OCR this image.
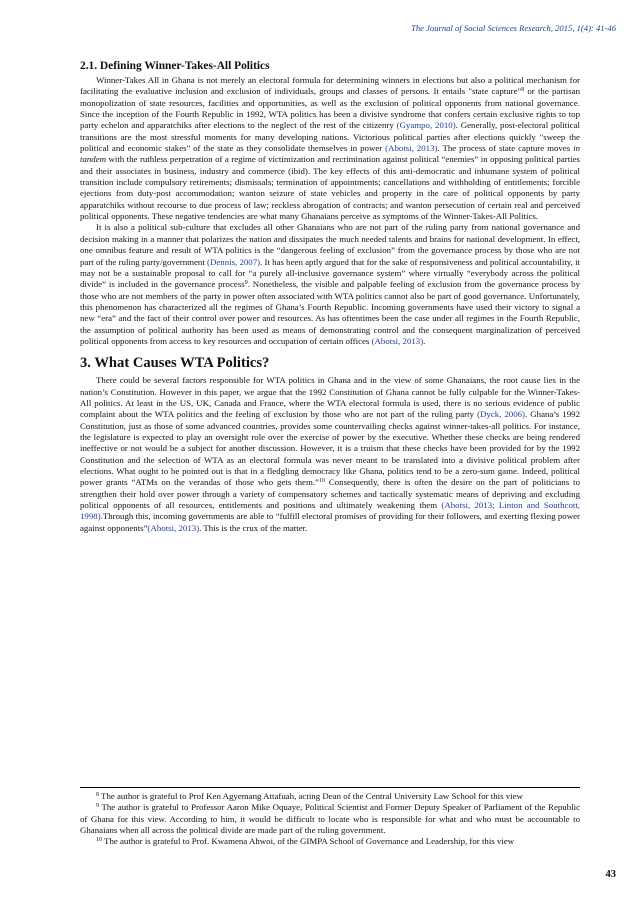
The Journal of Social Sciences Research, 2015, 1(4): 41-46
2.1. Defining Winner-Takes-All Politics

Winner-Takes All in Ghana is not merely an electoral formula for determining winners in elections but also a political mechanism for facilitating the evaluative inclusion and exclusion of individuals, groups and classes of persons. It entails "state capture"$^8$ or the partisan monopolization of state resources, facilities and opportunities, as well as the exclusion of political opponents from national governance. Since the inception of the Fourth Republic in 1992, WTA politics has been a divisive syndrome that confers certain exclusive rights to top party echelon and apparatchiks after elections to the neglect of the rest of the citizenry (Gyampo, 2010). Generally, post-electoral political transitions are the most stressful moments for many developing nations. Victorious political parties after elections quickly "sweep the political and economic stakes" of the state as they consolidate themselves in power (Abotsi, 2013). The process of state capture moves in tandem with the ruthless perpetration of a regime of victimization and recrimination against political “enemies” in opposing political parties and their associates in business, industry and commerce (ibid). The key effects of this anti-democratic and inhumane system of political transition include compulsory retirements; dismissals; termination of appointments; cancellations and withholding of entitlements; forcible ejections from duty-post accommodation; wanton seizure of state vehicles and property in the care of political opponents by party apparatchiks without recourse to due process of law; reckless abrogation of contracts; and wanton persecution of certain real and perceived political opponents. These negative tendencies are what many Ghanaians perceive as symptoms of the Winner-Takes-All Politics.

It is also a political sub-culture that excludes all other Ghanaians who are not part of the ruling party from national governance and decision making in a manner that polarizes the nation and dissipates the much needed talents and brains for national development. In effect, one omnibus feature and result of WTA politics is the “dangerous feeling of exclusion” from the governance process by those who are not part of the ruling party/government (Dennis, 2007). It has been aptly argued that for the sake of responsiveness and political accountability, it may not be a sustainable proposal to call for “a purely all-inclusive governance system” where virtually “everybody across the political divide” is included in the governance process$^9$. Nonetheless, the visible and palpable feeling of exclusion from the governance process by those who are not members of the party in power often associated with WTA politics cannot also be part of good governance. Unfortunately, this phenomenon has characterized all the regimes of Ghana’s Fourth Republic. Incoming governments have used their victory to signal a new “era” and the fact of their control over power and resources. As has oftentimes been the case under all regimes in the Fourth Republic, the assumption of political authority has been used as means of demonstrating control and the consequent marginalization of perceived political opponents from access to key resources and occupation of certain offices (Abotsi, 2013).

3. What Causes WTA Politics?

There could be several factors responsible for WTA politics in Ghana and in the view of some Ghanaians, the root cause lies in the nation’s Constitution. However in this paper, we argue that the 1992 Constitution of Ghana cannot be fully culpable for the Winner-Takes-All politics. At least in the US, UK, Canada and France, where the WTA electoral formula is used, there is no serious evidence of public complaint about the WTA politics and the feeling of exclusion by those who are not part of the ruling party (Dyck, 2006). Ghana’s 1992 Constitution, just as those of some advanced countries, provides some countervailing checks against winner-takes-all politics. For instance, the legislature is expected to play an oversight role over the exercise of power by the executive. Whether these checks are being rendered ineffective or not would be a subject for another discussion. However, it is a truism that these checks have been provided for by the 1992 Constitution and the selection of WTA as an electoral formula was never meant to be translated into a divisive political problem after elections. What ought to be pointed out is that in a fledgling democracy like Ghana, politics tend to be a zero-sum game. Indeed, political power grants “ATMs on the verandas of those who gets them.”$^{10}$ Consequently, there is often the desire on the part of politicians to strengthen their hold over power through a variety of compensatory schemes and tactically systematic means of depriving and excluding political opponents of all resources, entitlements and positions and ultimately weakening them (Abotsi, 2013; Linton and Southcott, 1998).Through this, incoming governments are able to “fulfill electoral promises of providing for their followers, and exerting flexing power against opponents”(Abotsi, 2013). This is the crux of the matter.

$^8$ The author is grateful to Prof Ken Agyemang Attafuah, acting Dean of the Central University Law School for this view

$^9$ The author is grateful to Professor Aaron Mike Oquaye, Political Scientist and Former Deputy Speaker of Parliament of the Republic of Ghana for this view. According to him, it would be difficult to locate who is responsible for what and who must be accountable to Ghanaians when all across the political divide are made part of the ruling government.

$^{10}$ The author is grateful to Prof. Kwamena Ahwoi, of the GIMPA School of Governance and Leadership, for this view

43
